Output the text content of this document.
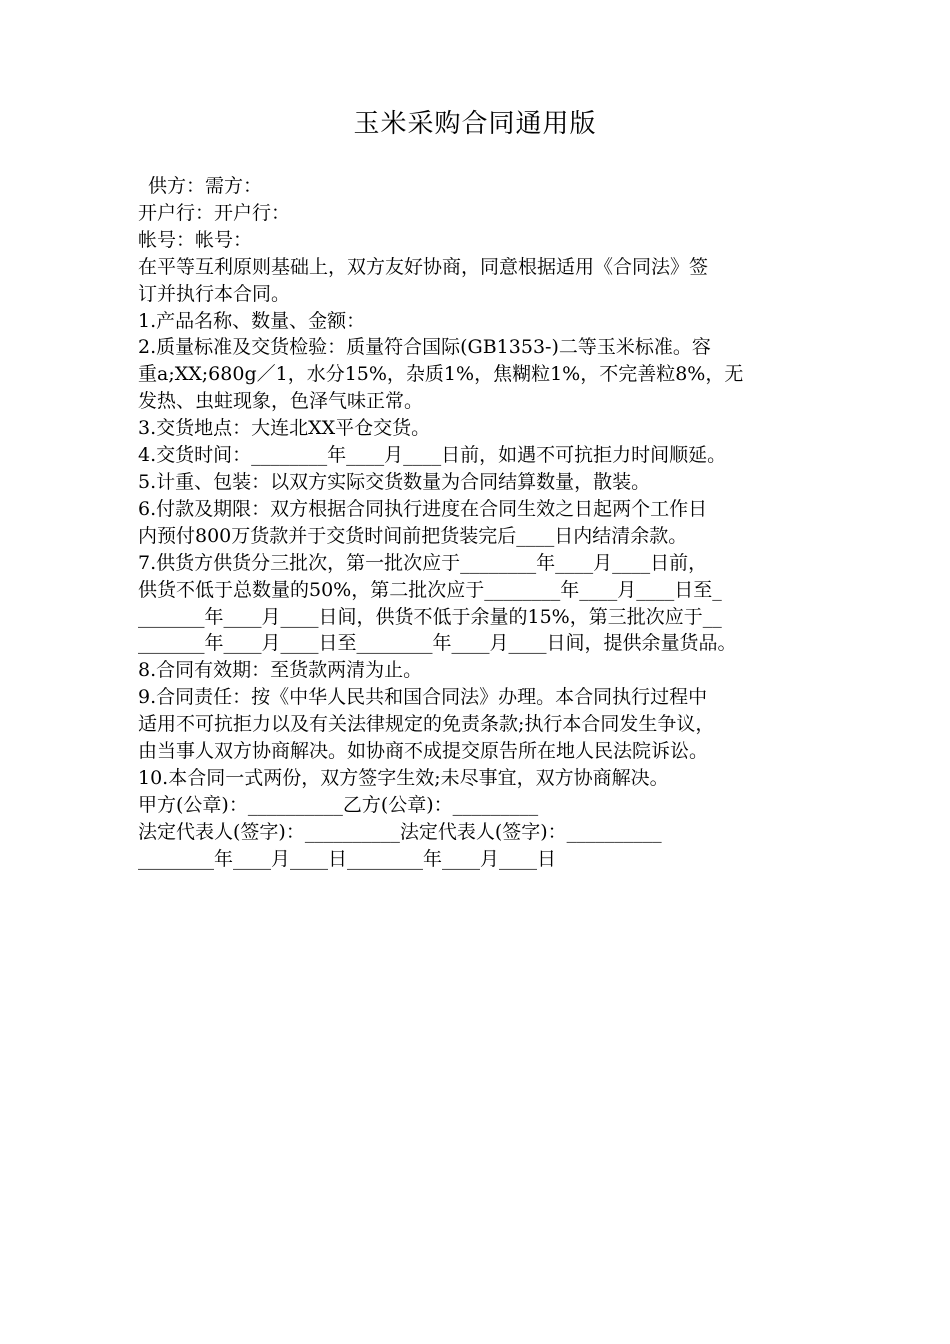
玉米采购合同通用版
供方：需方：
开户行：开户行：
帐号：帐号：
在平等互利原则基础上，双方友好协商，同意根据适用《合同法》签
订并执行本合同。
1.产品名称、数量、金额：
2.质量标准及交货检验：质量符合国际(GB1353-)二等玉米标准。容
重a;XX;680g／1，水分15%，杂质1%，焦糊粒1%，不完善粒8%，无
发热、虫蛀现象，色泽气味正常。
3.交货地点：大连北XX平仓交货。
4.交货时间：________年____月____日前，如遇不可抗拒力时间顺延。
5.计重、包装：以双方实际交货数量为合同结算数量，散装。
6.付款及期限：双方根据合同执行进度在合同生效之日起两个工作日
内预付800万货款并于交货时间前把货装完后____日内结清余款。
7.供货方供货分三批次，第一批次应于________年____月____日前，
供货不低于总数量的50%，第二批次应于________年____月____日至_
_______年____月____日间，供货不低于余量的15%，第三批次应于__
_______年____月____日至________年____月____日间，提供余量货品。
8.合同有效期：至货款两清为止。
9.合同责任：按《中华人民共和国合同法》办理。本合同执行过程中
适用不可抗拒力以及有关法律规定的免责条款;执行本合同发生争议，
由当事人双方协商解决。如协商不成提交原告所在地人民法院诉讼。
10.本合同一式两份，双方签字生效;未尽事宜，双方协商解决。
甲方(公章)：__________乙方(公章)：_________
法定代表人(签字)：__________法定代表人(签字)：__________
________年____月____日________年____月____日
